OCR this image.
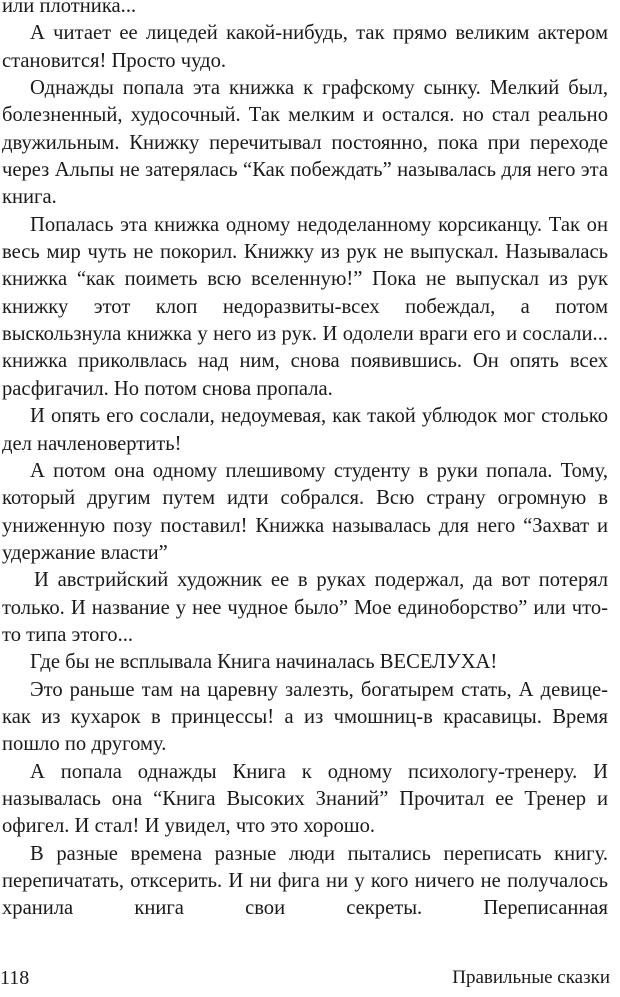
или плотника...

А читает ее лицедей какой-нибудь, так прямо великим актером становится! Просто чудо.

Однажды попала эта книжка к графскому сынку. Мелкий был, болезненный, худосочный. Так мелким и остался. но стал реально двужильным. Книжку перечитывал постоянно, пока при переходе через Альпы не затерялась “Как побеждать” называлась для него эта книга.

Попалась эта книжка одному недоделанному корсиканцу. Так он весь мир чуть не покорил. Книжку из рук не выпускал. Называлась книжка “как поиметь всю вселенную!” Пока не выпускал из рук книжку этот клоп недоразвиты-всех побеждал, а потом выскользнула книжка у него из рук. И одолели враги его и сослали... книжка приколвлась над ним, снова появившись. Он опять всех расфигачил. Но потом снова пропала.

И опять его сослали, недоумевая, как такой ублюдок мог столько дел начленовертить!

А потом она одному плешивому студенту в руки попала. Тому, который другим путем идти собрался. Всю страну огромную в униженную позу поставил! Книжка называлась для него “Захват и удержание власти”

И австрийский художник ее в руках подержал, да вот потерял только. И название у нее чудное было” Мое единоборство” или что-то типа этого...

Где бы не всплывала Книга начиналась ВЕСЕЛУХА!

Это раньше там на царевну залезть, богатырем стать, А девице-как из кухарок в принцессы! а из чмошниц-в красавицы. Время пошло по другому.

А попала однажды Книга к одному психологу-тренеру. И называлась она “Книга Высоких Знаний” Прочитал ее Тренер и офигел. И стал! И увидел, что это хорошо.

В разные времена разные люди пытались переписать книгу. перепичатать, отксерить. И ни фига ни у кого ничего не получалось хранила книга свои секреты. Переписанная

118	Правильные сказки
